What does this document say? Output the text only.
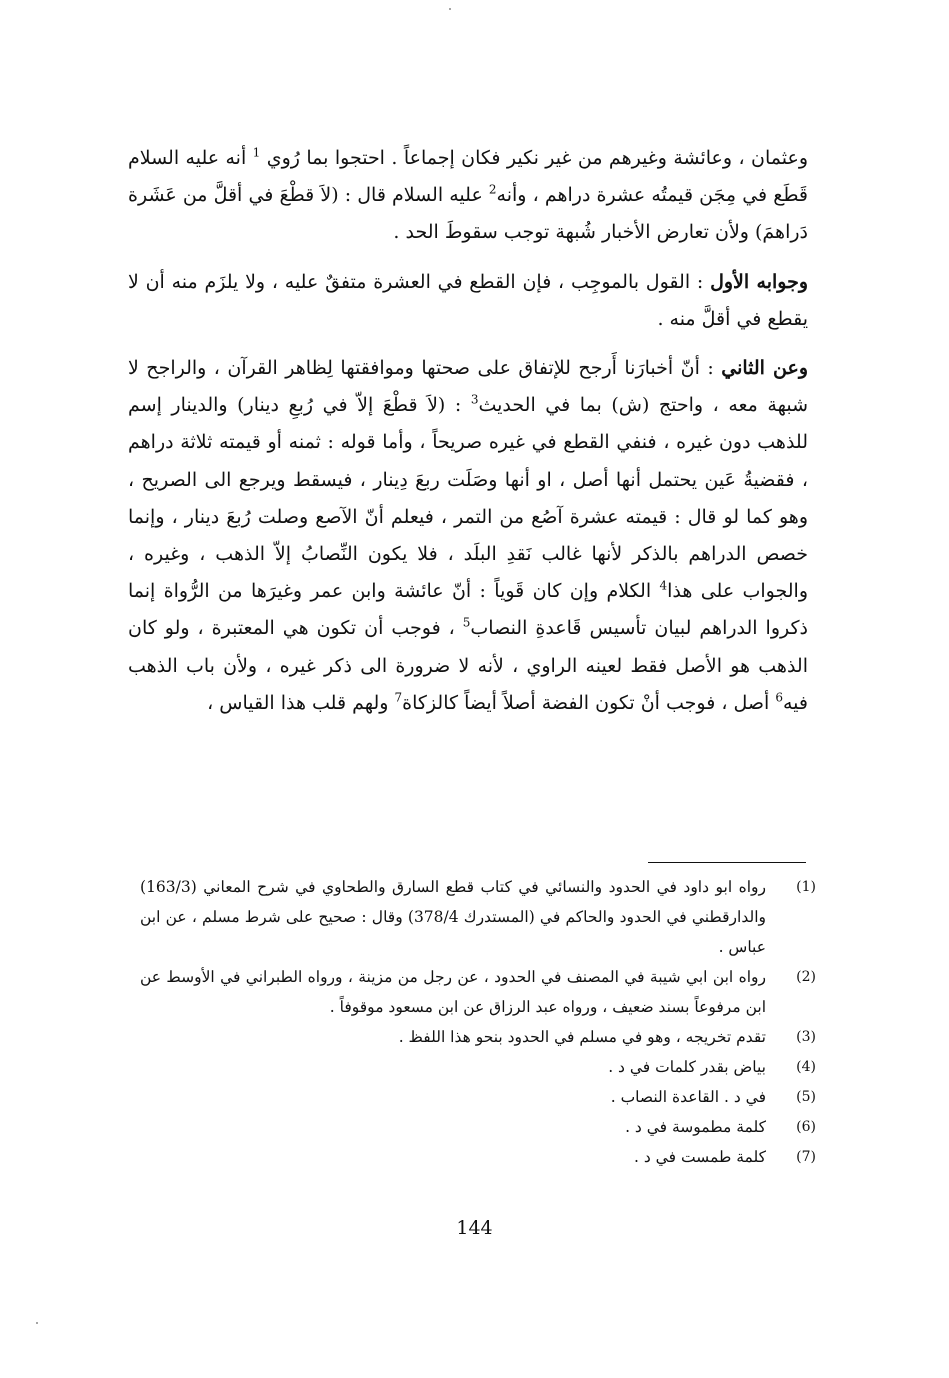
وعثمان ، وعائشة وغيرهم من غير نكير فكان إجماعاً . احتجوا بما رُوي $^1$ أنه عليه السلام قَطَع في مِجَن قيمتُه عشرة دراهم ، وأنه$^2$ عليه السلام قال : (لاَ قطْعَ في أقلَّ من عَشَرة دَراهمَ) ولأن تعارض الأخبار شُبهة توجب سقوطَ الحد .

وجوابه الأول : القول بالموجِب ، فإن القطع في العشرة متفقٌ عليه ، ولا يلزَم منه أن لا يقطع في أقلَّ منه .

وعن الثاني : أنّ أخبارَنا أَرجح للإتفاق على صحتها وموافقتها لِظاهر القرآن ، والراجح لا شبهة معه ، واحتج (ش) بما في الحديث$^3$ : (لاَ قطْعَ إلاّ في رُبعِ دينار) والدينار إسم للذهب دون غيره ، فنفي القطع في غيره صريحاً ، وأما قوله : ثمنه أو قيمته ثلاثة دراهم ، فقضيةُ عَين يحتمل أنها أصل ، او أنها وصَلَت ربعَ دِينار ، فيسقط ويرجع الى الصريح ، وهو كما لو قال : قيمته عشرة آصُع من التمر ، فيعلم أنّ الآصع وصلت رُبعَ دينار ، وإنما خصص الدراهم بالذكر لأنها غالب نَقدِ البلَد ، فلا يكون النِّصابُ إلاّ الذهب ، وغيره ، والجواب على هذا$^4$ الكلام وإن كان قَوياً : أنّ عائشة وابن عمر وغيرَها من الرُّواة إنما ذكروا الدراهم لبيان تأسيس قَاعدةِ النصاب$^5$ ، فوجب أن تكون هي المعتبرة ، ولو كان الذهب هو الأصل فقط لعينه الراوي ، لأنه لا ضرورة الى ذكر غيره ، ولأن باب الذهب فيه$^6$ أصل ، فوجب أنْ تكون الفضة أصلاً أيضاً كالزكاة$^7$ ولهم قلب هذا القياس ،

(1)
رواه ابو داود في الحدود والنسائي في كتاب قطع السارق والطحاوي في شرح المعاني (163/3) والدارقطني في الحدود والحاكم في (المستدرك 378/4) وقال : صحيح على شرط مسلم ، عن ابن عباس .
(2)
رواه ابن ابي شيبة في المصنف في الحدود ، عن رجل من مزينة ، ورواه الطبراني في الأوسط عن ابن مرفوعاً بسند ضعيف ، ورواه عبد الرزاق عن ابن مسعود موقوفاً .
(3)
تقدم تخريجه ، وهو في مسلم في الحدود بنحو هذا اللفظ .
(4)
بياض بقدر كلمات في د .
(5)
في د . القاعدة النصاب .
(6)
كلمة مطموسة في د .
(7)
كلمة طمست في د .
144
